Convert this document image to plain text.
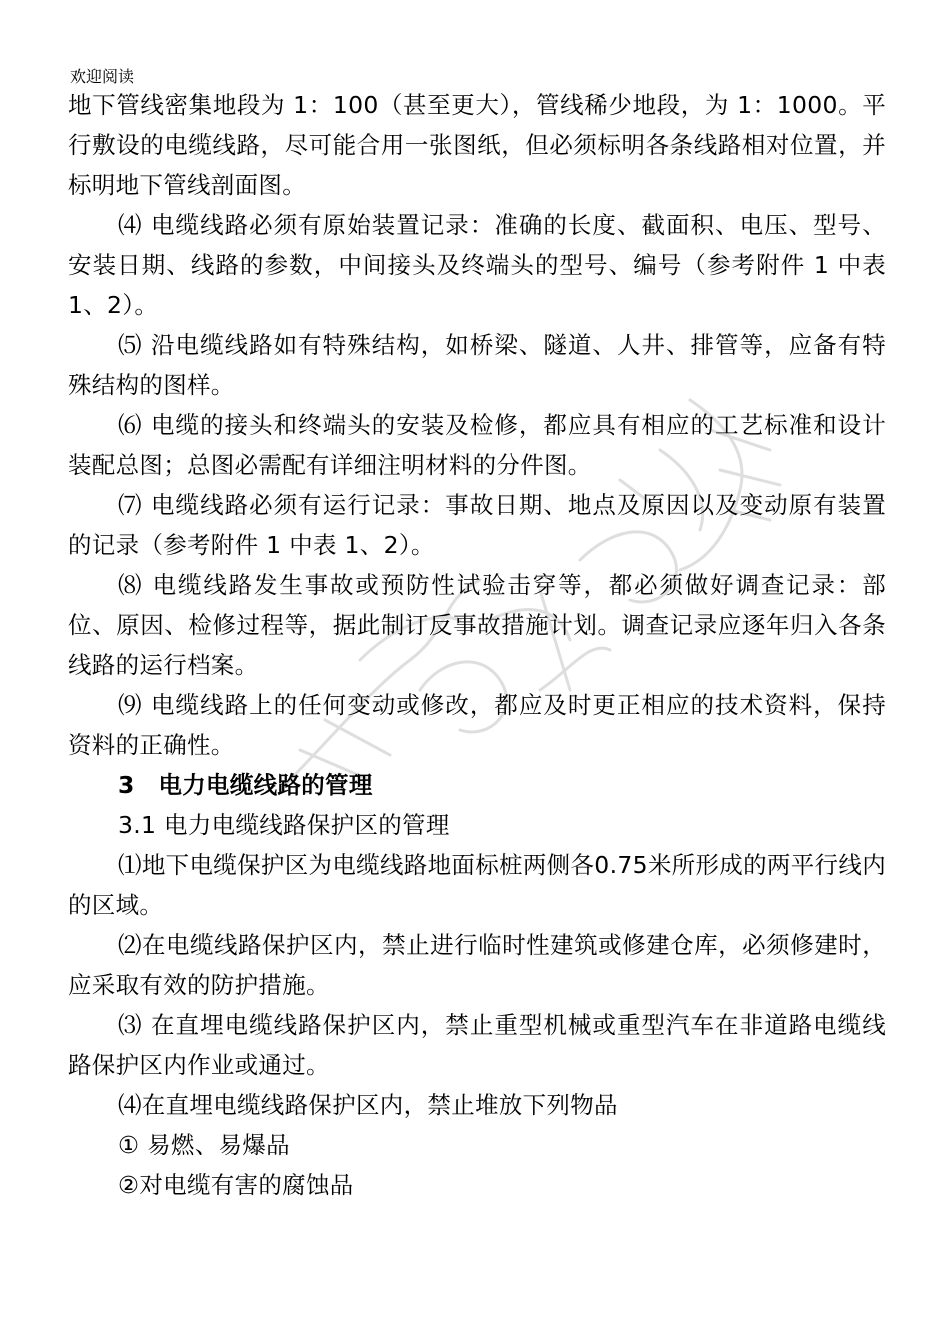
欢迎阅读

地下管线密集地段为 1：100（甚至更大），管线稀少地段，为 1：1000。平行敷设的电缆线路，尽可能合用一张图纸，但必须标明各条线路相对位置，并标明地下管线剖面图。

⑷ 电缆线路必须有原始装置记录：准确的长度、截面积、电压、型号、安装日期、线路的参数，中间接头及终端头的型号、编号（参考附件 1 中表 1、2）。

⑸ 沿电缆线路如有特殊结构，如桥梁、隧道、人井、排管等，应备有特殊结构的图样。

⑹ 电缆的接头和终端头的安装及检修，都应具有相应的工艺标准和设计装配总图；总图必需配有详细注明材料的分件图。

⑺ 电缆线路必须有运行记录：事故日期、地点及原因以及变动原有装置的记录（参考附件 1 中表 1、2）。

⑻ 电缆线路发生事故或预防性试验击穿等，都必须做好调查记录：部位、原因、检修过程等，据此制订反事故措施计划。调查记录应逐年归入各条线路的运行档案。

⑼ 电缆线路上的任何变动或修改，都应及时更正相应的技术资料，保持资料的正确性。

3　电力电缆线路的管理

3.1 电力电缆线路保护区的管理

⑴地下电缆保护区为电缆线路地面标桩两侧各0.75米所形成的两平行线内的区域。

⑵在电缆线路保护区内，禁止进行临时性建筑或修建仓库，必须修建时，应采取有效的防护措施。

⑶ 在直埋电缆线路保护区内，禁止重型机械或重型汽车在非道路电缆线路保护区内作业或通过。

⑷在直埋电缆线路保护区内，禁止堆放下列物品

① 易燃、易爆品

②对电缆有害的腐蚀品
